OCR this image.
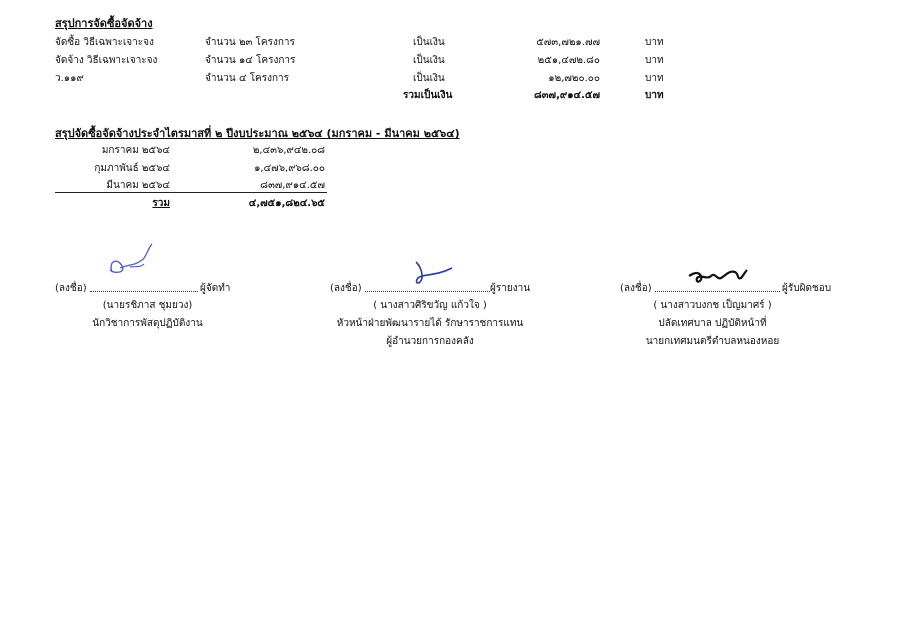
สรุปการจัดซื้อจัดจ้าง
จัดซื้อ วิธีเฉพาะเจาะจง	จำนวน ๒๓ โครงการ	เป็นเงิน	๕๗๓,๗๒๑.๗๗	บาท
จัดจ้าง วิธีเฉพาะเจาะจง	จำนวน ๑๔ โครงการ	เป็นเงิน	๒๕๑,๔๗๒.๘๐	บาท
ว.๑๑๙	จำนวน ๔ โครงการ	เป็นเงิน	๑๒,๗๒๐.๐๐	บาท
รวมเป็นเงิน	๘๓๗,๙๑๔.๕๗	บาท
สรุปจัดซื้อจัดจ้างประจำไตรมาสที่ ๒ ปีงบประมาณ ๒๕๖๔ (มกราคม - มีนาคม ๒๕๖๔)
มกราคม ๒๕๖๔	๒,๔๓๖,๙๔๒.๐๘
กุมภาพันธ์ ๒๕๖๔	๑,๔๗๖,๙๖๘.๐๐
มีนาคม ๒๕๖๔	๘๓๗,๙๑๔.๕๗
รวม	๔,๗๕๑,๘๒๔.๖๕
(ลงชื่อ)	ผู้จัดทำ
(นายรชิภาส ชุมยวง)
นักวิชาการพัสดุปฏิบัติงาน
(ลงชื่อ)	ผู้รายงาน
( นางสาวศิริขวัญ แก้วใจ )
หัวหน้าฝ่ายพัฒนารายได้ รักษาราชการแทน
ผู้อำนวยการกองคลัง
(ลงชื่อ)	ผู้รับผิดชอบ
( นางสาวบงกช เป็ญมาศร์ )
ปลัดเทศบาล ปฏิบัติหน้าที่
นายกเทศมนตรีตำบลหนองหอย
